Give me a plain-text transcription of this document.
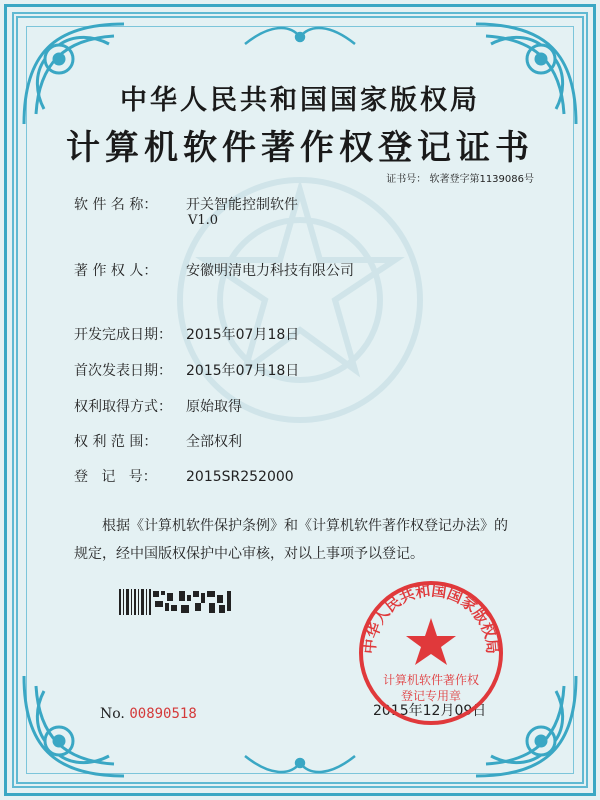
中华人民共和国国家版权局
计算机软件著作权登记证书
证书号： 软著登字第1139086号
软 件 名 称： 开关智能控制软件
V1.0
著 作 权 人： 安徽明清电力科技有限公司
开发完成日期： 2015年07月18日
首次发表日期： 2015年07月18日
权利取得方式： 原始取得
权 利 范 围： 全部权利
登   记   号： 2015SR252000
根据《计算机软件保护条例》和《计算机软件著作权登记办法》的
规定，经中国版权保护中心审核，对以上事项予以登记。
No. 00890518	2015年12月09日
中华人民共和国国家版权局
计算机软件著作权
登记专用章
